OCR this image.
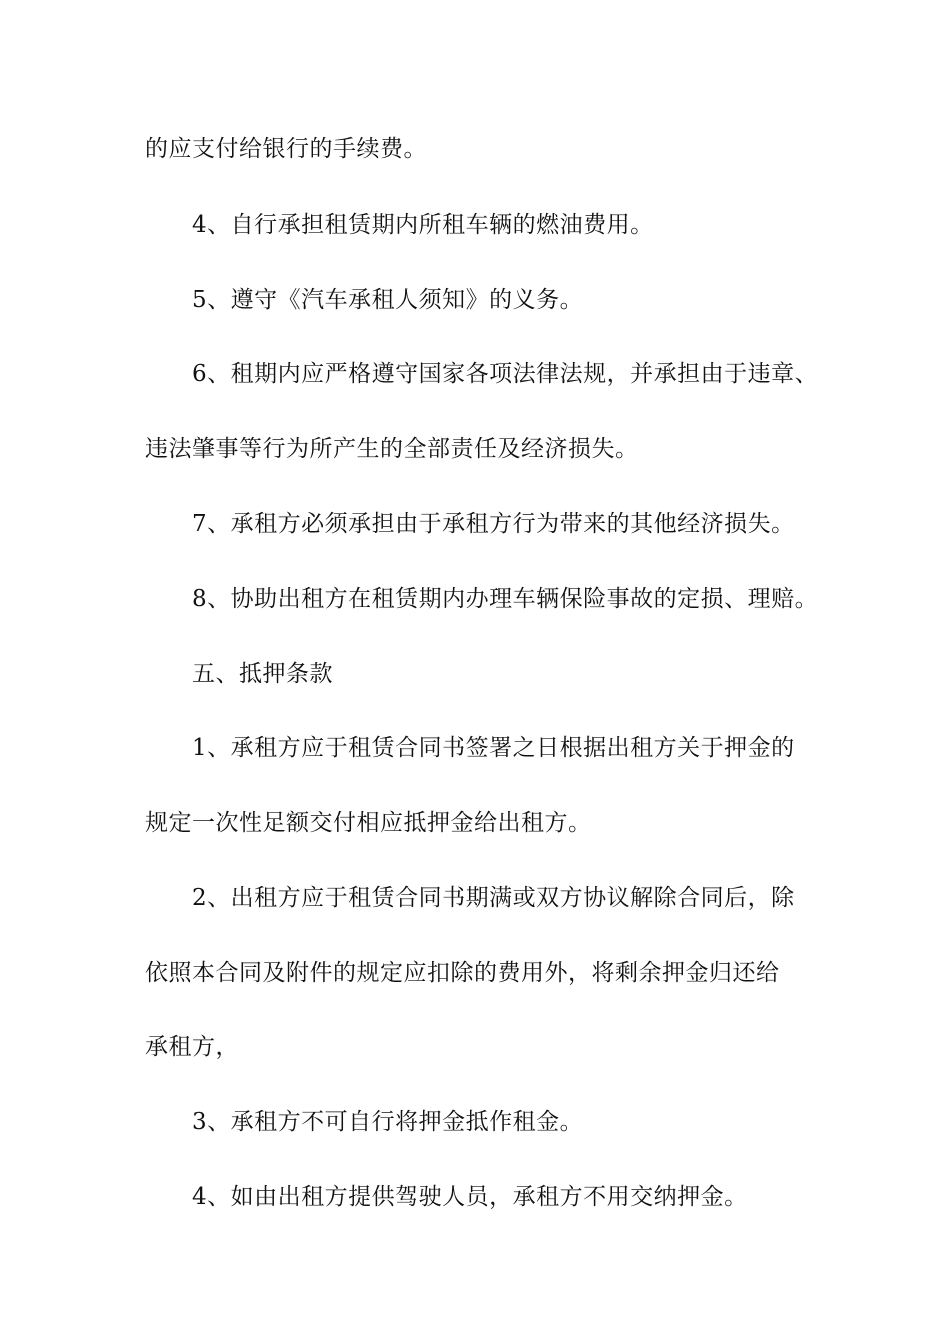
的应支付给银行的手续费。
4、自行承担租赁期内所租车辆的燃油费用。
5、遵守《汽车承租人须知》的义务。
6、租期内应严格遵守国家各项法律法规，并承担由于违章、
违法肇事等行为所产生的全部责任及经济损失。
7、承租方必须承担由于承租方行为带来的其他经济损失。
8、协助出租方在租赁期内办理车辆保险事故的定损、理赔。
五、抵押条款
1、承租方应于租赁合同书签署之日根据出租方关于押金的
规定一次性足额交付相应抵押金给出租方。
2、出租方应于租赁合同书期满或双方协议解除合同后，除
依照本合同及附件的规定应扣除的费用外，将剩余押金归还给
承租方，
3、承租方不可自行将押金抵作租金。
4、如由出租方提供驾驶人员，承租方不用交纳押金。
